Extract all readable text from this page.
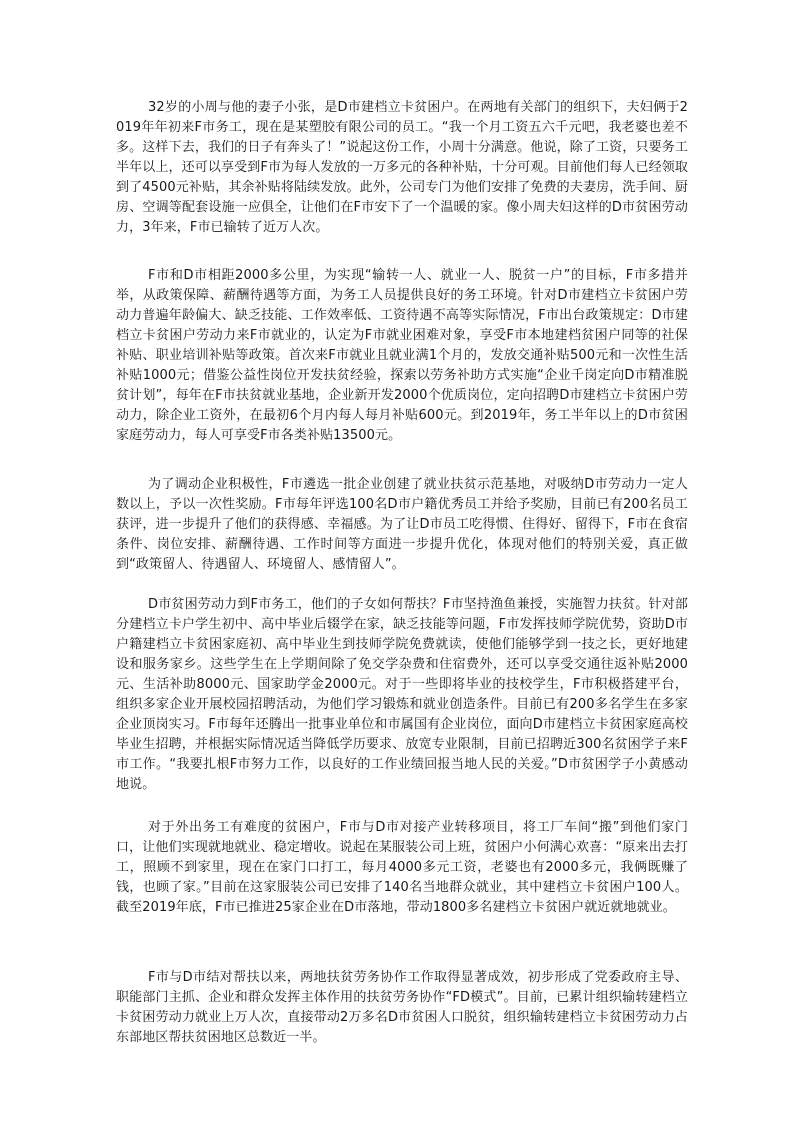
32岁的小周与他的妻子小张，是D市建档立卡贫困户。在两地有关部门的组织下，夫妇俩于2019年年初来F市务工，现在是某塑胶有限公司的员工。“我一个月工资五六千元吧，我老婆也差不多。这样下去，我们的日子有奔头了！”说起这份工作，小周十分满意。他说，除了工资，只要务工半年以上，还可以享受到F市为每人发放的一万多元的各种补贴，十分可观。目前他们每人已经领取到了4500元补贴，其余补贴将陆续发放。此外，公司专门为他们安排了免费的夫妻房，洗手间、厨房、空调等配套设施一应俱全，让他们在F市安下了一个温暖的家。像小周夫妇这样的D市贫困劳动力，3年来，F市已输转了近万人次。

F市和D市相距2000多公里，为实现“输转一人、就业一人、脱贫一户”的目标，F市多措并举，从政策保障、薪酬待遇等方面，为务工人员提供良好的务工环境。针对D市建档立卡贫困户劳动力普遍年龄偏大、缺乏技能、工作效率低、工资待遇不高等实际情况，F市出台政策规定：D市建档立卡贫困户劳动力来F市就业的，认定为F市就业困难对象，享受F市本地建档贫困户同等的社保补贴、职业培训补贴等政策。首次来F市就业且就业满1个月的，发放交通补贴500元和一次性生活补贴1000元；借鉴公益性岗位开发扶贫经验，探索以劳务补助方式实施“企业千岗定向D市精准脱贫计划”，每年在F市扶贫就业基地，企业新开发2000个优质岗位，定向招聘D市建档立卡贫困户劳动力，除企业工资外，在最初6个月内每人每月补贴600元。到2019年，务工半年以上的D市贫困家庭劳动力，每人可享受F市各类补贴13500元。

为了调动企业积极性，F市遴选一批企业创建了就业扶贫示范基地，对吸纳D市劳动力一定人数以上，予以一次性奖励。F市每年评选100名D市户籍优秀员工并给予奖励，目前已有200名员工获评，进一步提升了他们的获得感、幸福感。为了让D市员工吃得惯、住得好、留得下，F市在食宿条件、岗位安排、薪酬待遇、工作时间等方面进一步提升优化，体现对他们的特别关爱，真正做到“政策留人、待遇留人、环境留人、感情留人”。

D市贫困劳动力到F市务工，他们的子女如何帮扶？F市坚持渔鱼兼授，实施智力扶贫。针对部分建档立卡户学生初中、高中毕业后辍学在家，缺乏技能等问题，F市发挥技师学院优势，资助D市户籍建档立卡贫困家庭初、高中毕业生到技师学院免费就读，使他们能够学到一技之长，更好地建设和服务家乡。这些学生在上学期间除了免交学杂费和住宿费外，还可以享受交通往返补贴2000元、生活补助8000元、国家助学金2000元。对于一些即将毕业的技校学生，F市积极搭建平台，组织多家企业开展校园招聘活动，为他们学习锻炼和就业创造条件。目前已有200多名学生在多家企业顶岗实习。F市每年还腾出一批事业单位和市属国有企业岗位，面向D市建档立卡贫困家庭高校毕业生招聘，并根据实际情况适当降低学历要求、放宽专业限制，目前已招聘近300名贫困学子来F市工作。“我要扎根F市努力工作，以良好的工作业绩回报当地人民的关爱。”D市贫困学子小黄感动地说。

对于外出务工有难度的贫困户，F市与D市对接产业转移项目，将工厂车间“搬”到他们家门口，让他们实现就地就业、稳定增收。说起在某服装公司上班，贫困户小何满心欢喜：“原来出去打工，照顾不到家里，现在在家门口打工，每月4000多元工资，老婆也有2000多元，我俩既赚了钱，也顾了家。”目前在这家服装公司已安排了140名当地群众就业，其中建档立卡贫困户100人。截至2019年底，F市已推进25家企业在D市落地，带动1800多名建档立卡贫困户就近就地就业。

F市与D市结对帮扶以来，两地扶贫劳务协作工作取得显著成效，初步形成了党委政府主导、职能部门主抓、企业和群众发挥主体作用的扶贫劳务协作“FD模式”。目前，已累计组织输转建档立卡贫困劳动力就业上万人次，直接带动2万多名D市贫困人口脱贫，组织输转建档立卡贫困劳动力占东部地区帮扶贫困地区总数近一半。
